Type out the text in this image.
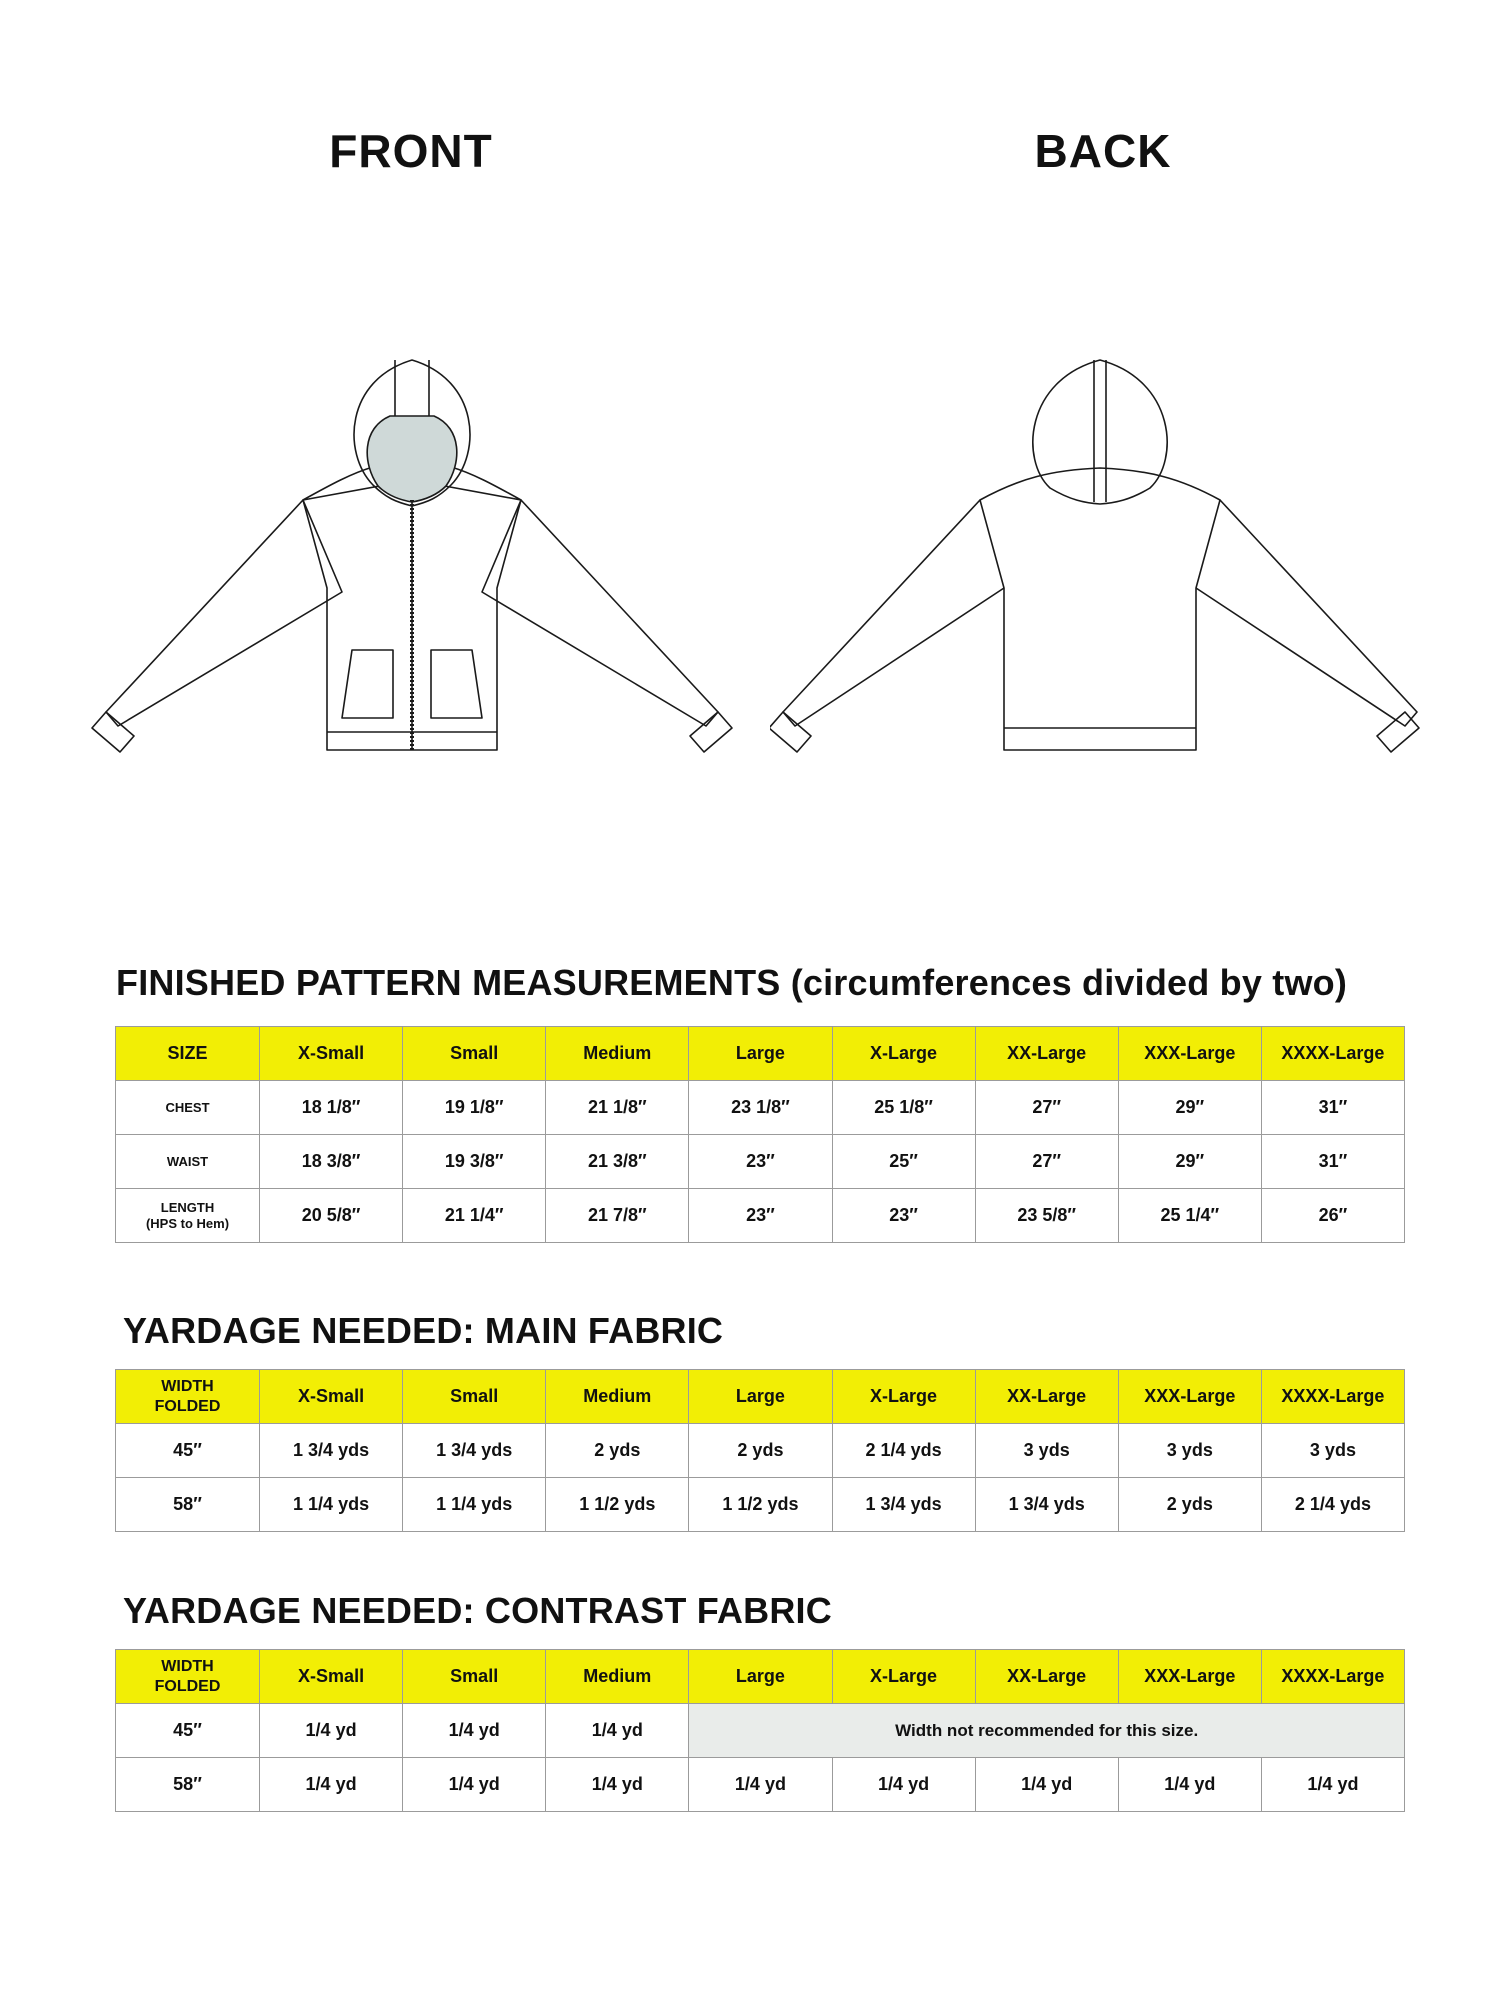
FRONT	BACK
FINISHED PATTERN MEASUREMENTS (circumferences divided by two)
SIZE	X-Small	Small	Medium	Large	X-Large	XX-Large	XXX-Large	XXXX-Large
CHEST	18 1/8″	19 1/8″	21 1/8″	23 1/8″	25 1/8″	27″	29″	31″
WAIST	18 3/8″	19 3/8″	21 3/8″	23″	25″	27″	29″	31″

LENGTH
(HPS to Hem)	20 5/8″	21 1/4″	21 7/8″	23″	23″	23 5/8″	25 1/4″	26″
YARDAGE NEEDED: MAIN FABRIC
WIDTH
FOLDED	X-Small	Small	Medium	Large	X-Large	XX-Large	XXX-Large	XXXX-Large
45″	1 3/4 yds	1 3/4 yds	2 yds	2 yds	2 1/4 yds	3 yds	3 yds	3 yds
58″	1 1/4 yds	1 1/4 yds	1 1/2 yds	1 1/2 yds	1 3/4 yds	1 3/4 yds	2 yds	2 1/4 yds
YARDAGE NEEDED: CONTRAST FABRIC
WIDTH
FOLDED	X-Small	Small	Medium	Large	X-Large	XX-Large	XXX-Large	XXXX-Large
45″	1/4 yd	1/4 yd	1/4 yd	Width not recommended for this size.				
58″	1/4 yd	1/4 yd	1/4 yd	1/4 yd	1/4 yd	1/4 yd	1/4 yd	1/4 yd
